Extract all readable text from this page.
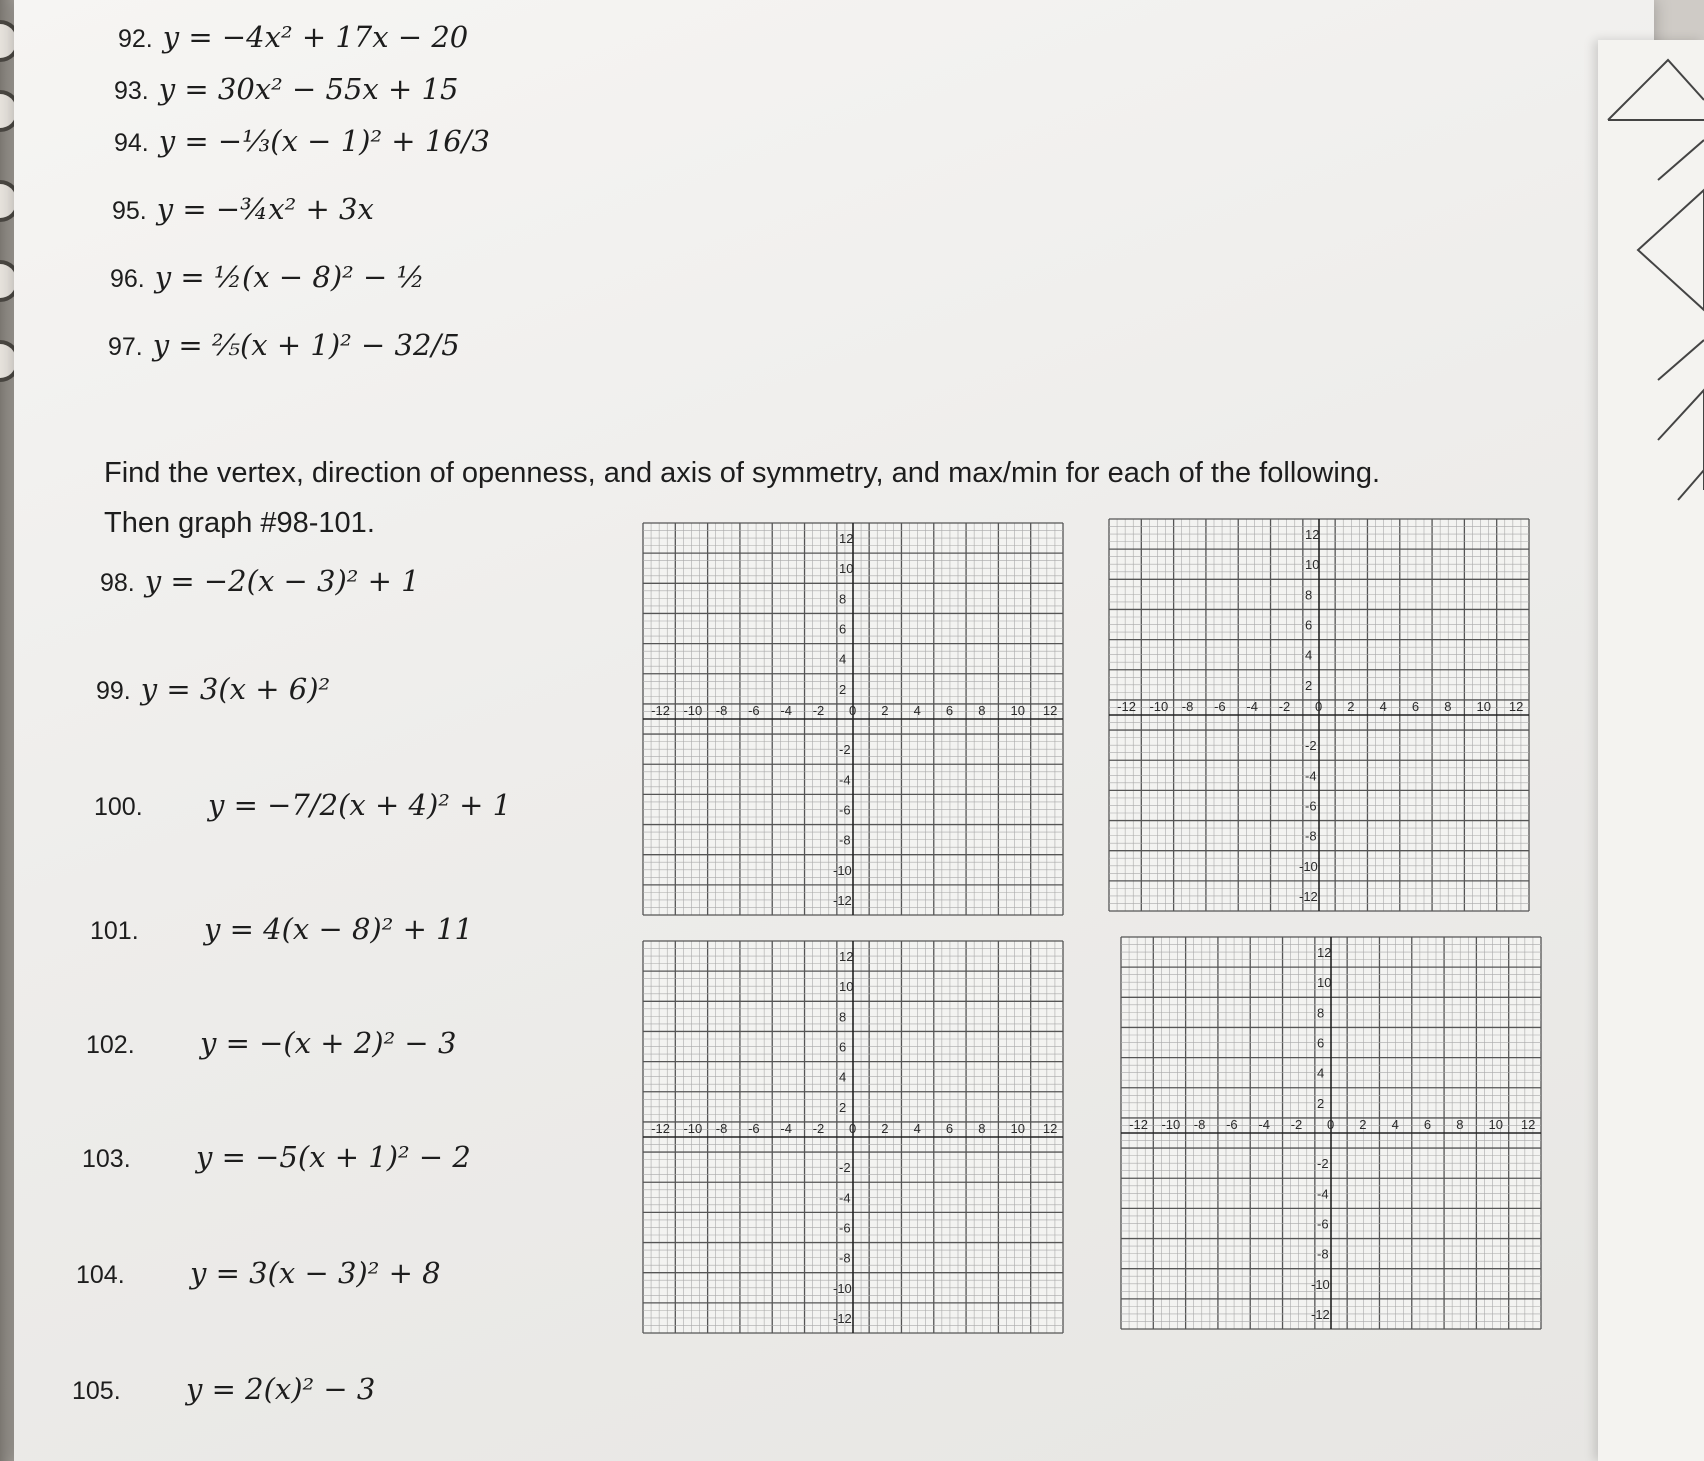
92. y = −4x² + 17x − 20
93. y = 30x² − 55x + 15
94. y = −⅓(x − 1)² + 16/3
95. y = −¾x² + 3x
96. y = ½(x − 8)² − ½
97. y = ⅖(x + 1)² − 32/5
Find the vertex, direction of openness, and axis of symmetry, and max/min for each of the following.
Then graph #98-101.
98. y = −2(x − 3)² + 1
99. y = 3(x + 6)²
100. y = −7/2(x + 4)² + 1
101. y = 4(x − 8)² + 11
102. y = −(x + 2)² − 3
103. y = −5(x + 1)² − 2
104. y = 3(x − 3)² + 8
105. y = 2(x)² − 3
-12 -10 -8 -6 -4 -2 0 2 4 6 8 10 12
12
10
8
6
4
2
-2
-4
-6
-8
-10
-12
-12 -10 -8 -6 -4 -2 0 2 4 6 8 10 12
12
10
8
6
4
2
-2
-4
-6
-8
-10
-12
-12 -10 -8 -6 -4 -2 0 2 4 6 8 10 12
12
10
8
6
4
2
-2
-4
-6
-8
-10
-12
-12 -10 -8 -6 -4 -2 0 2 4 6 8 10 12
12
10
8
6
4
2
-2
-4
-6
-8
-10
-12
